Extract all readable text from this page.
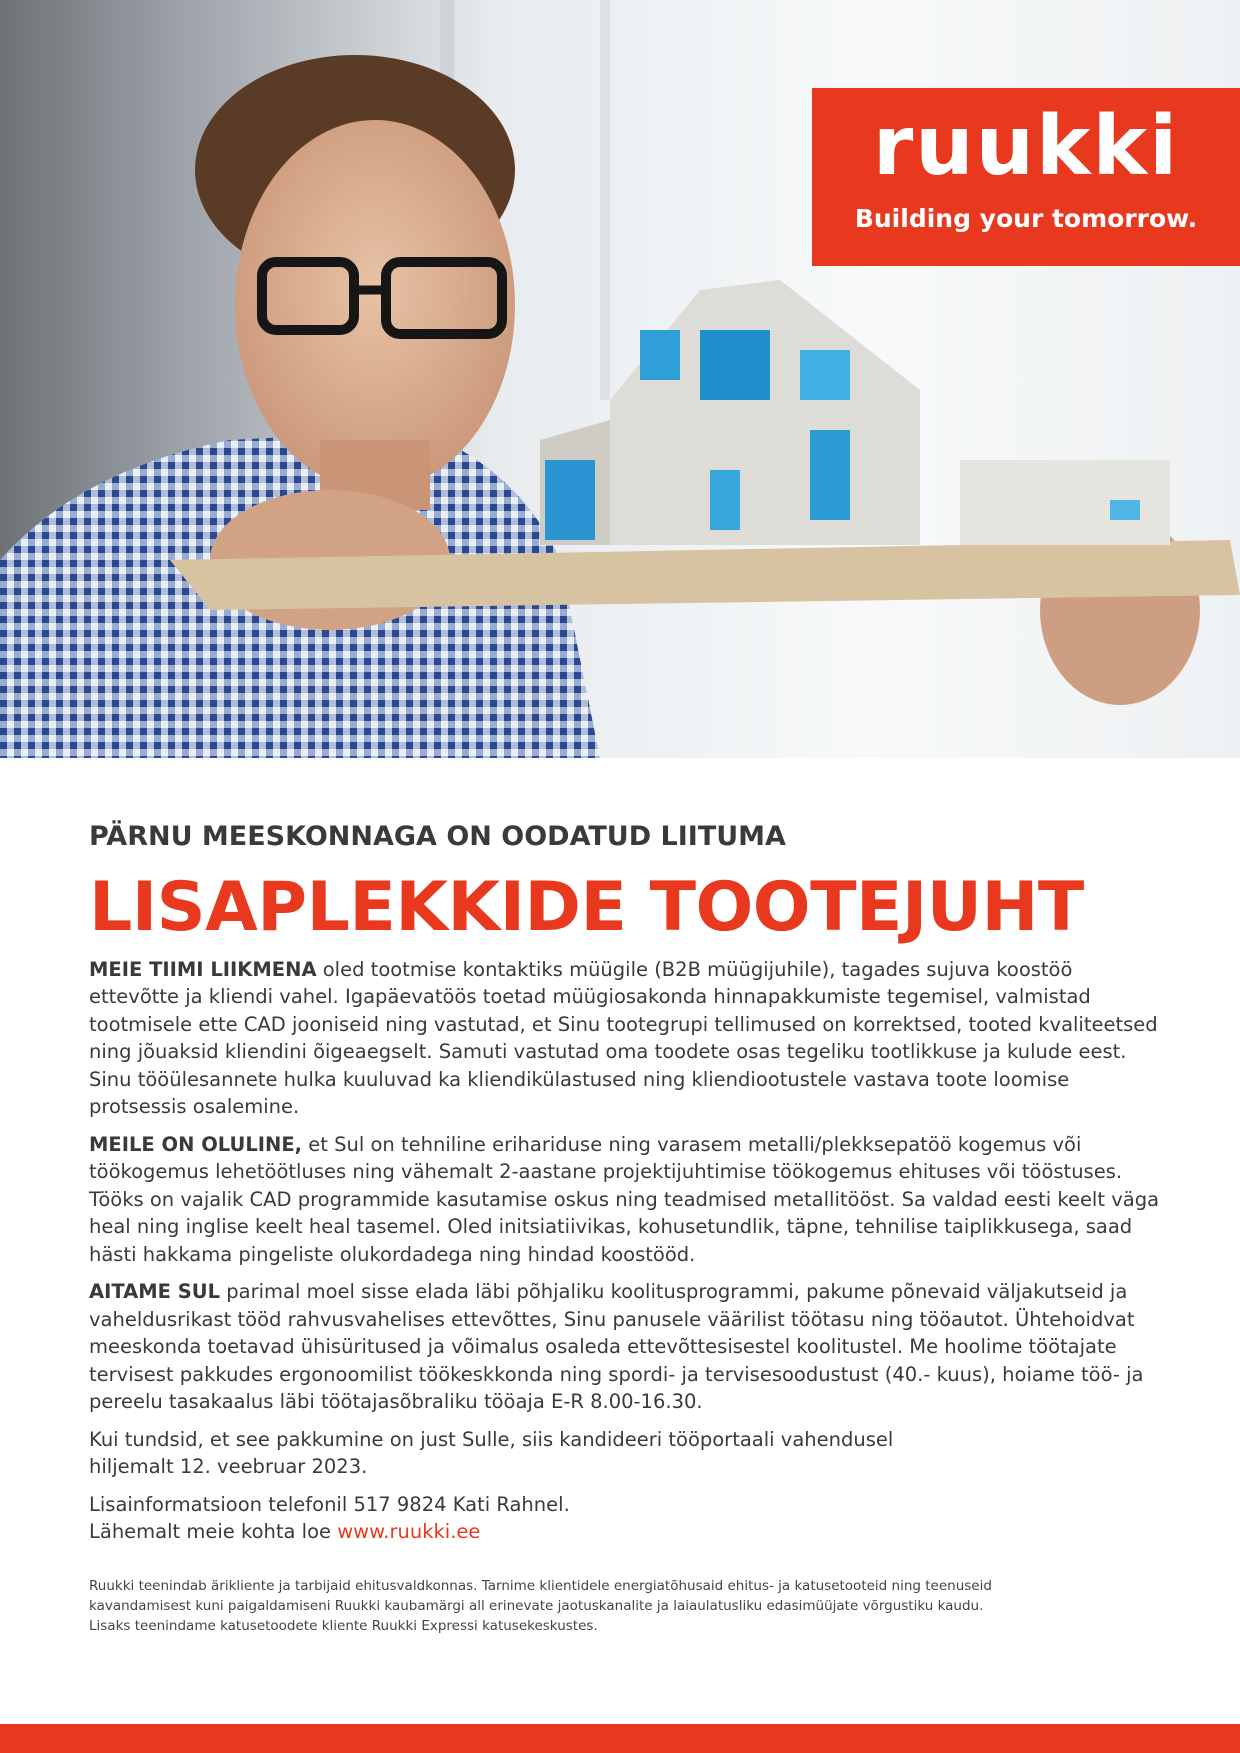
ruukki
Building your tomorrow.
PÄRNU MEESKONNAGA ON OODATUD LIITUMA
LISAPLEKKIDE TOOTEJUHT

MEIE TIIMI LIIKMENA oled tootmise kontaktiks müügile (B2B müügijuhile), tagades sujuva koostöö ettevõtte ja kliendi vahel. Igapäevatöös toetad müügiosakonda hinnapakkumiste tegemisel, valmistad tootmisele ette CAD jooniseid ning vastutad, et Sinu tootegrupi tellimused on korrektsed, tooted kvaliteetsed ning jõuaksid kliendini õigeaegselt. Samuti vastutad oma toodete osas tegeliku tootlikkuse ja kulude eest. Sinu tööülesannete hulka kuuluvad ka kliendikülastused ning kliendiootustele vastava toote loomise protsessis osalemine.

MEILE ON OLULINE, et Sul on tehniline erihariduse ning varasem metalli/plekksepatöö kogemus või töökogemus lehetöötluses ning vähemalt 2-aastane projektijuhtimise töökogemus ehituses või tööstuses. Tööks on vajalik CAD programmide kasutamise oskus ning teadmised metallitööst. Sa valdad eesti keelt väga heal ning inglise keelt heal tasemel. Oled initsiatiivikas, kohusetundlik, täpne, tehnilise taiplikkusega, saad hästi hakkama pingeliste olukordadega ning hindad koostööd.

AITAME SUL parimal moel sisse elada läbi põhjaliku koolitusprogrammi, pakume põnevaid väljakutseid ja vaheldusrikast tööd rahvusvahelises ettevõttes, Sinu panusele väärilist töötasu ning tööautot. Ühtehoidvat meeskonda toetavad ühisüritused ja võimalus osaleda ettevõttesisestel koolitustel. Me hoolime töötajate tervisest pakkudes ergonoomilist töökeskkonda ning spordi- ja tervisesoodustust (40.- kuus), hoiame töö- ja pereelu tasakaalus läbi töötajasõbraliku tööaja E-R 8.00-16.30.

Kui tundsid, et see pakkumine on just Sulle, siis kandideeri tööportaali vahendusel
hiljemalt 12. veebruar 2023.

Lisainformatsioon telefonil 517 9824 Kati Rahnel.
Lähemalt meie kohta loe www.ruukki.ee

Ruukki teenindab ärikliente ja tarbijaid ehitusvaldkonnas. Tarnime klientidele energiatõhusaid ehitus- ja katusetooteid ning teenuseid
kavandamisest kuni paigaldamiseni Ruukki kaubamärgi all erinevate jaotuskanalite ja laiaulatusliku edasimüüjate võrgustiku kaudu.
Lisaks teenindame katusetoodete kliente Ruukki Expressi katusekeskustes.
